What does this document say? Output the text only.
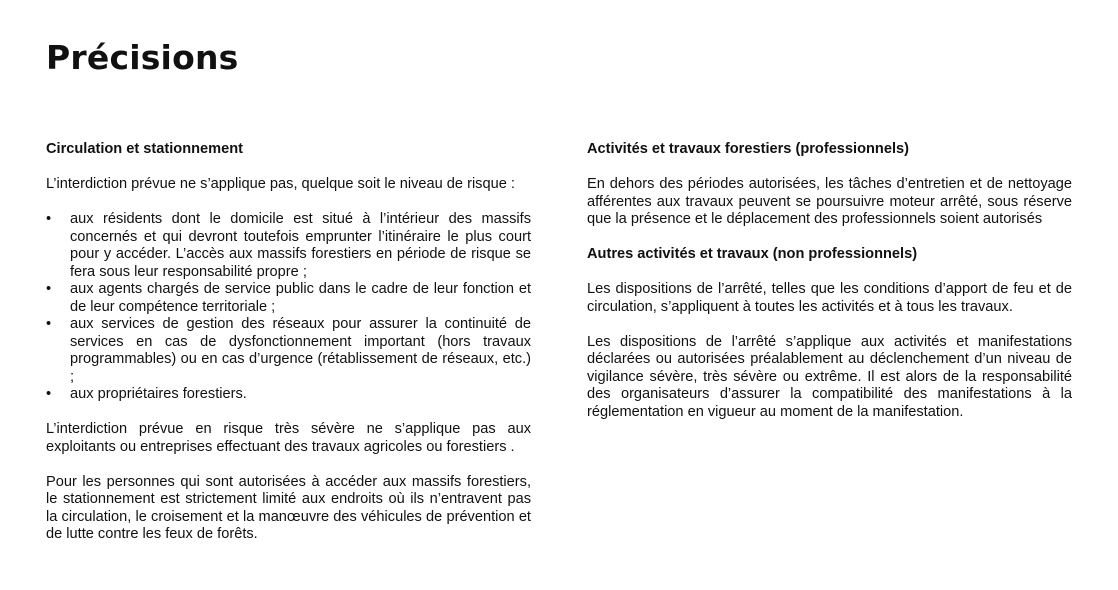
Précisions
Circulation et stationnement

L’interdiction prévue ne s’applique pas, quelque soit le niveau de risque :

•	aux résidents dont le domicile est situé à l’intérieur des massifs concernés et qui devront toutefois emprunter l’itinéraire le plus court pour y accéder. L’accès aux massifs forestiers en période de risque se fera sous leur responsabilité propre ;
•	aux agents chargés de service public dans le cadre de leur fonction et de leur compétence territoriale ;
•	aux services de gestion des réseaux pour assurer la continuité de services en cas de dysfonctionnement important (hors travaux programmables) ou en cas d’urgence (rétablissement de réseaux, etc.) ;
•	aux propriétaires forestiers.

L’interdiction prévue en risque très sévère ne s’applique pas aux exploitants ou entreprises effectuant des travaux agricoles ou forestiers .

Pour les personnes qui sont autorisées à accéder aux massifs forestiers, le stationnement est strictement limité aux endroits où ils n’entravent pas la circulation, le croisement et la manœuvre des véhicules de prévention et de lutte contre les feux de forêts.

Activités et travaux forestiers (professionnels)

En dehors des périodes autorisées, les tâches d’entretien et de nettoyage afférentes aux travaux peuvent se poursuivre moteur arrêté, sous réserve que la présence et le déplacement des professionnels soient autorisés

Autres activités et travaux (non professionnels)

Les dispositions de l’arrêté, telles que les conditions d’apport de feu et de circulation, s’appliquent à toutes les activités et à tous les travaux.

Les dispositions de l’arrêté s’applique aux activités et manifestations déclarées ou autorisées préalablement au déclenchement d’un niveau de vigilance sévère, très sévère ou extrême. Il est alors de la responsabilité des organisateurs d’assurer la compatibilité des manifestations à la réglementation en vigueur au moment de la manifestation.
